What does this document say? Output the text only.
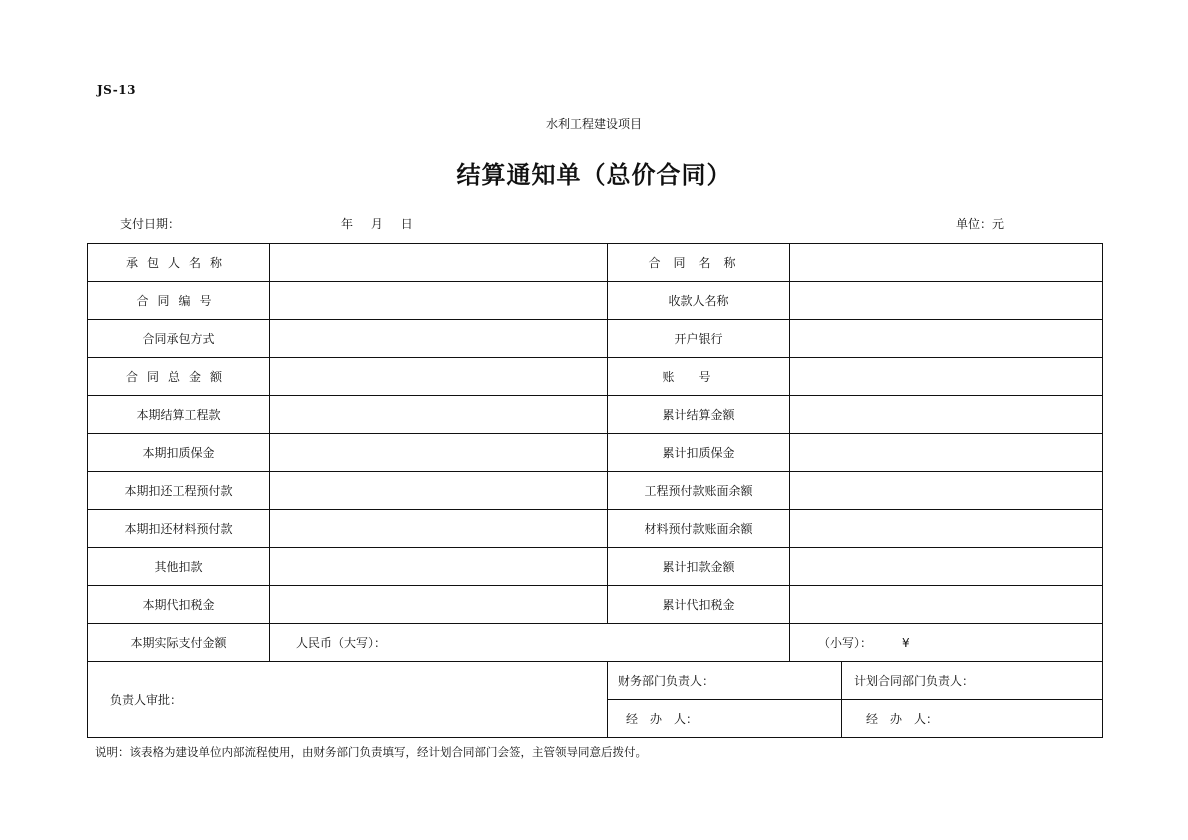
JS-13
水利工程建设项目
结算通知单（总价合同）
支付日期：	年 月 日	单位：元
承包人名称		合同名称		
合同编号		收款人名称		
合同承包方式		开户银行		
合同总金额		账号		
本期结算工程款		累计结算金额		
本期扣质保金		累计扣质保金		
本期扣还工程预付款		工程预付款账面余额		
本期扣还材料预付款		材料预付款账面余额		
其他扣款		累计扣款金额		
本期代扣税金		累计代扣税金		
本期实际支付金额	人民币（大写）：		（小写）： ¥	
负责人审批：		财务部门负责人：		计划合同部门负责人：
		经　办　人：		经　办　人：
说明：该表格为建设单位内部流程使用，由财务部门负责填写，经计划合同部门会签，主管领导同意后拨付。
